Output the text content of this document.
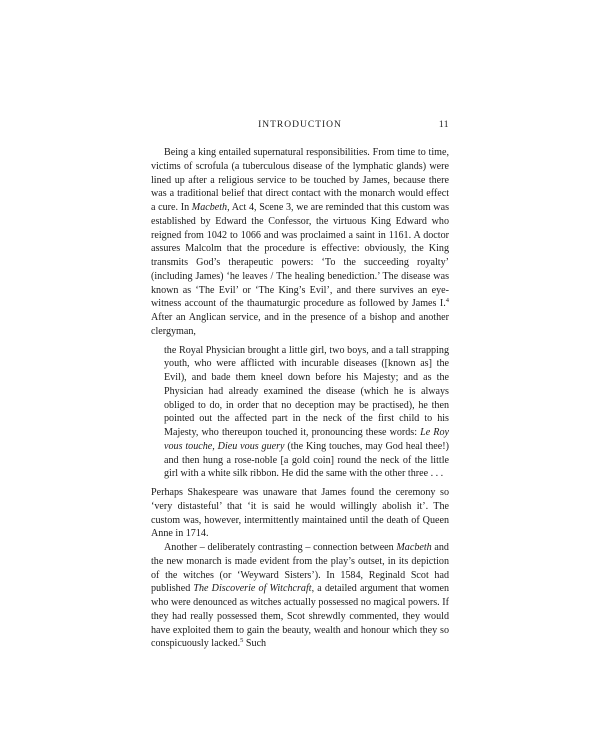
INTRODUCTION	11

Being a king entailed supernatural responsibilities. From time to time, victims of scrofula (a tuberculous disease of the lymphatic glands) were lined up after a religious service to be touched by James, because there was a traditional belief that direct contact with the monarch would effect a cure. In Macbeth, Act 4, Scene 3, we are reminded that this custom was established by Edward the Confessor, the virtuous King Edward who reigned from 1042 to 1066 and was proclaimed a saint in 1161. A doctor assures Malcolm that the procedure is effective: obviously, the King transmits God’s therapeutic powers: ‘To the succeeding royalty’ (including James) ‘he leaves / The healing benediction.’ The disease was known as ‘The Evil’ or ‘The King’s Evil’, and there survives an eye-witness account of the thaumaturgic procedure as followed by James I.$^4$ After an Anglican service, and in the presence of a bishop and another clergyman,

the Royal Physician brought a little girl, two boys, and a tall strapping youth, who were afflicted with incurable diseases ([known as] the Evil), and bade them kneel down before his Majesty; and as the Physician had already examined the disease (which he is always obliged to do, in order that no deception may be practised), he then pointed out the affected part in the neck of the first child to his Majesty, who thereupon touched it, pronouncing these words: Le Roy vous touche, Dieu vous guery (the King touches, may God heal thee!) and then hung a rose-noble [a gold coin] round the neck of the little girl with a white silk ribbon. He did the same with the other three . . .

Perhaps Shakespeare was unaware that James found the ceremony so ‘very distasteful’ that ‘it is said he would willingly abolish it’. The custom was, however, intermittently maintained until the death of Queen Anne in 1714.

Another – deliberately contrasting – connection between Macbeth and the new monarch is made evident from the play’s outset, in its depiction of the witches (or ‘Weyward Sisters’). In 1584, Reginald Scot had published The Discoverie of Witchcraft, a detailed argument that women who were denounced as witches actually possessed no magical powers. If they had really possessed them, Scot shrewdly commented, they would have exploited them to gain the beauty, wealth and honour which they so conspicuously lacked.$^5$ Such
